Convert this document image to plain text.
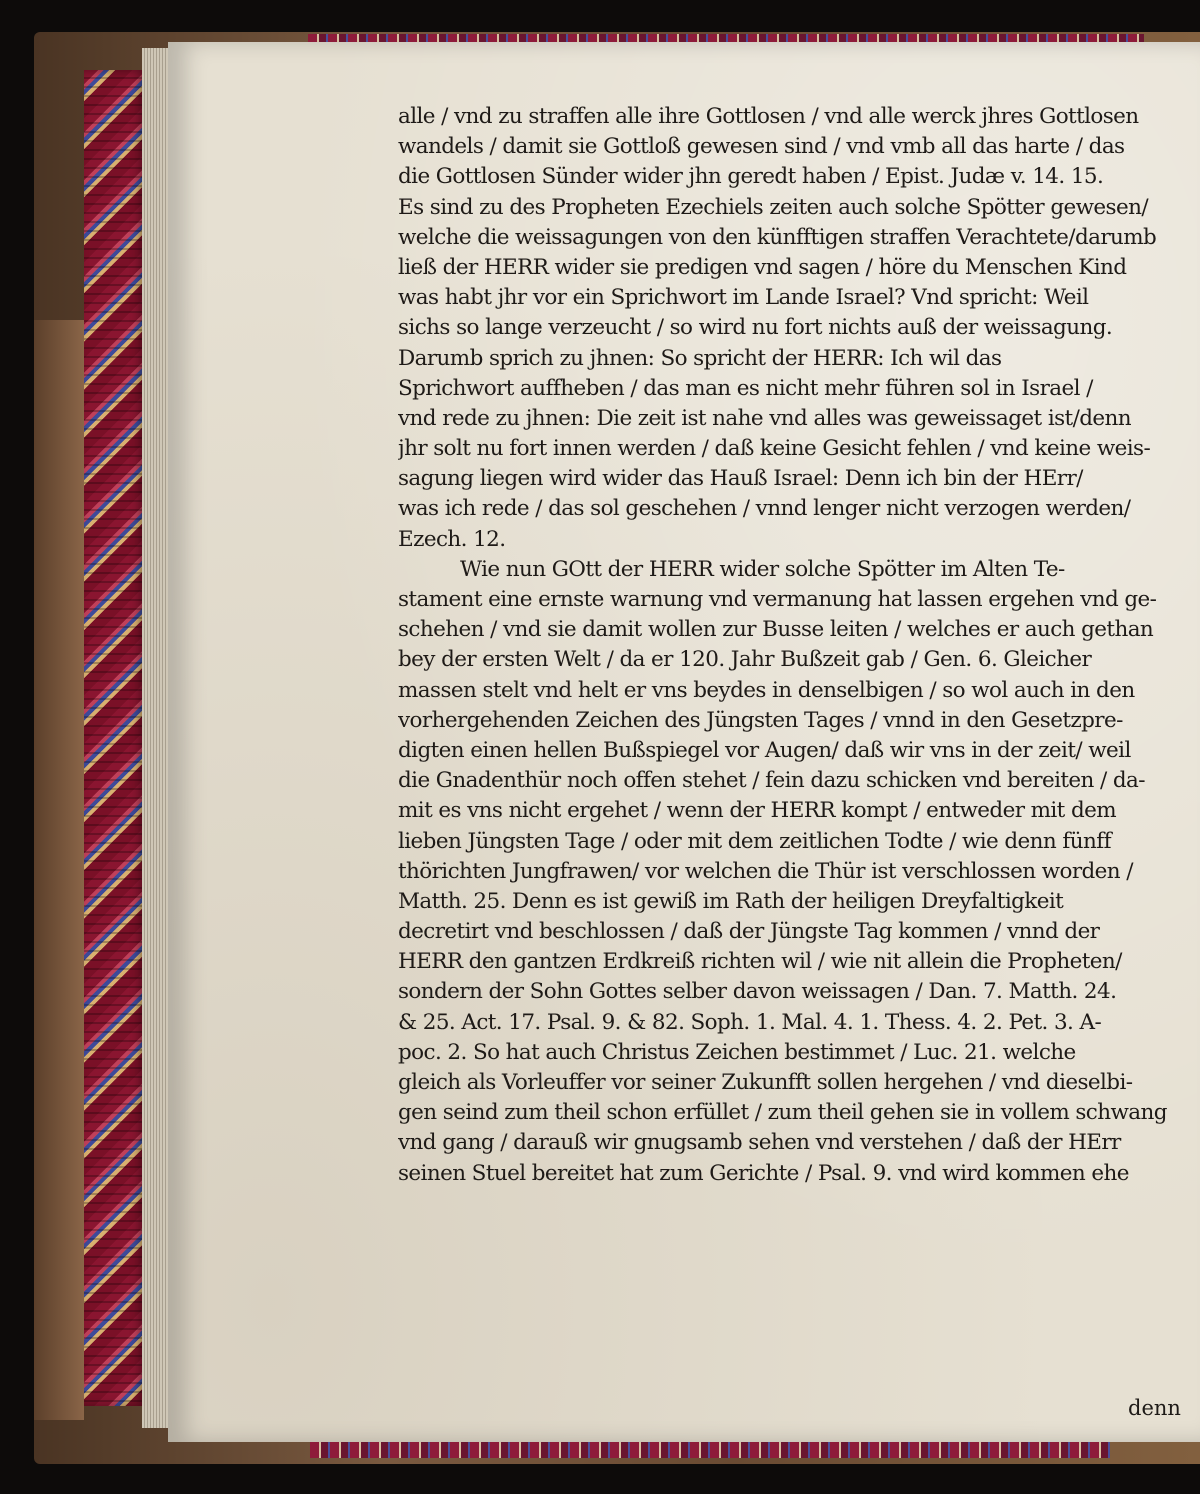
alle / vnd zu straffen alle ihre Gottlosen / vnd alle werck jhres Gottlosen
wandels / damit sie Gottloß gewesen sind / vnd vmb all das harte / das
die Gottlosen Sünder wider jhn geredt haben / Epist. Judæ v. 14. 15.
Es sind zu des Propheten Ezechiels zeiten auch solche Spötter gewesen/
welche die weissagungen von den künfftigen straffen Verachtete/darumb
ließ der HERR wider sie predigen vnd sagen / höre du Menschen Kind
was habt jhr vor ein Sprichwort im Lande Israel? Vnd spricht: Weil
sichs so lange verzeucht / so wird nu fort nichts auß der weissagung.
Darumb sprich zu jhnen: So spricht der HERR: Ich wil das
Sprichwort auffheben / das man es nicht mehr führen sol in Israel /
vnd rede zu jhnen: Die zeit ist nahe vnd alles was geweissaget ist/denn
jhr solt nu fort innen werden / daß keine Gesicht fehlen / vnd keine weis-
sagung liegen wird wider das Hauß Israel: Denn ich bin der HErr/
was ich rede / das sol geschehen / vnnd lenger nicht verzogen werden/
Ezech. 12.
Wie nun GOtt der HERR wider solche Spötter im Alten Te-
stament eine ernste warnung vnd vermanung hat lassen ergehen vnd ge-
schehen / vnd sie damit wollen zur Busse leiten / welches er auch gethan
bey der ersten Welt / da er 120. Jahr Bußzeit gab / Gen. 6. Gleicher
massen stelt vnd helt er vns beydes in denselbigen / so wol auch in den
vorhergehenden Zeichen des Jüngsten Tages / vnnd in den Gesetzpre-
digten einen hellen Bußspiegel vor Augen/ daß wir vns in der zeit/ weil
die Gnadenthür noch offen stehet / fein dazu schicken vnd bereiten / da-
mit es vns nicht ergehet / wenn der HERR kompt / entweder mit dem
lieben Jüngsten Tage / oder mit dem zeitlichen Todte / wie denn fünff
thörichten Jungfrawen/ vor welchen die Thür ist verschlossen worden /
Matth. 25. Denn es ist gewiß im Rath der heiligen Dreyfaltigkeit
decretirt vnd beschlossen / daß der Jüngste Tag kommen / vnnd der
HERR den gantzen Erdkreiß richten wil / wie nit allein die Propheten/
sondern der Sohn Gottes selber davon weissagen / Dan. 7. Matth. 24.
& 25. Act. 17. Psal. 9. & 82. Soph. 1. Mal. 4. 1. Thess. 4. 2. Pet. 3. A-
poc. 2. So hat auch Christus Zeichen bestimmet / Luc. 21. welche
gleich als Vorleuffer vor seiner Zukunfft sollen hergehen / vnd dieselbi-
gen seind zum theil schon erfüllet / zum theil gehen sie in vollem schwang
vnd gang / darauß wir gnugsamb sehen vnd verstehen / daß der HErr
seinen Stuel bereitet hat zum Gerichte / Psal. 9. vnd wird kommen ehe
denn
